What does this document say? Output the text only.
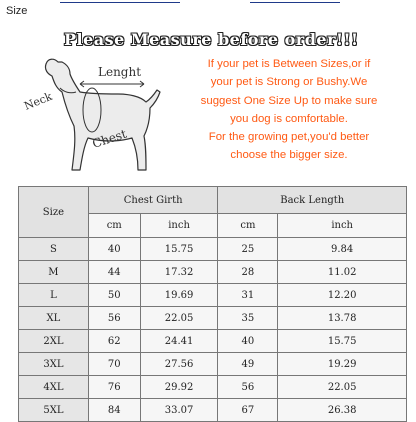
Size
Please Measure before order!!!
Lenght
Neck
Chest
If your pet is Between Sizes,or if
your pet is Strong or Bushy.We
suggest One Size Up to make sure
you dog is comfortable.
For the growing pet,you'd better
choose the bigger size.
Size	Chest Girth		Back Length	
	cm	inch	cm	inch
S	40	15.75	25	9.84
M	44	17.32	28	11.02
L	50	19.69	31	12.20
XL	56	22.05	35	13.78
2XL	62	24.41	40	15.75
3XL	70	27.56	49	19.29
4XL	76	29.92	56	22.05
5XL	84	33.07	67	26.38
